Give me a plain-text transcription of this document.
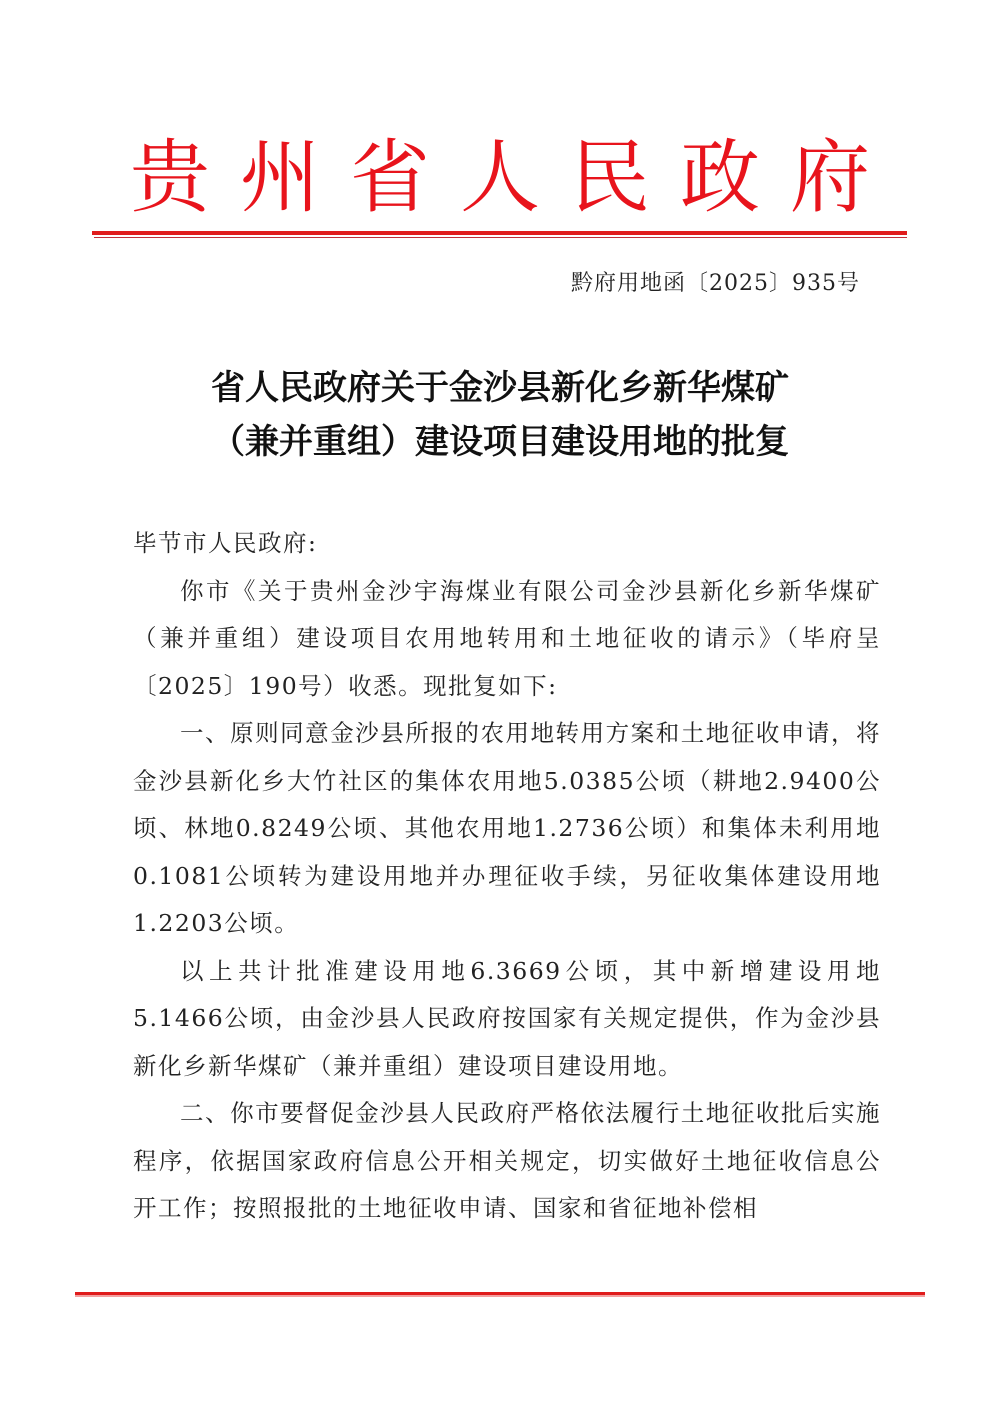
贵州省人民政府
黔府用地函〔2025〕935号
省人民政府关于金沙县新化乡新华煤矿
（兼并重组）建设项目建设用地的批复

毕节市人民政府:

你市《关于贵州金沙宇海煤业有限公司金沙县新化乡新华煤矿（兼并重组）建设项目农用地转用和土地征收的请示》（毕府呈〔2025〕190号）收悉。现批复如下:

一、原则同意金沙县所报的农用地转用方案和土地征收申请，将金沙县新化乡大竹社区的集体农用地5.0385公顷（耕地2.9400公顷、林地0.8249公顷、其他农用地1.2736公顷）和集体未利用地0.1081公顷转为建设用地并办理征收手续，另征收集体建设用地1.2203公顷。

以上共计批准建设用地6.3669公顷，其中新增建设用地5.1466公顷，由金沙县人民政府按国家有关规定提供，作为金沙县新化乡新华煤矿（兼并重组）建设项目建设用地。

二、你市要督促金沙县人民政府严格依法履行土地征收批后实施程序，依据国家政府信息公开相关规定，切实做好土地征收信息公开工作；按照报批的土地征收申请、国家和省征地补偿相
